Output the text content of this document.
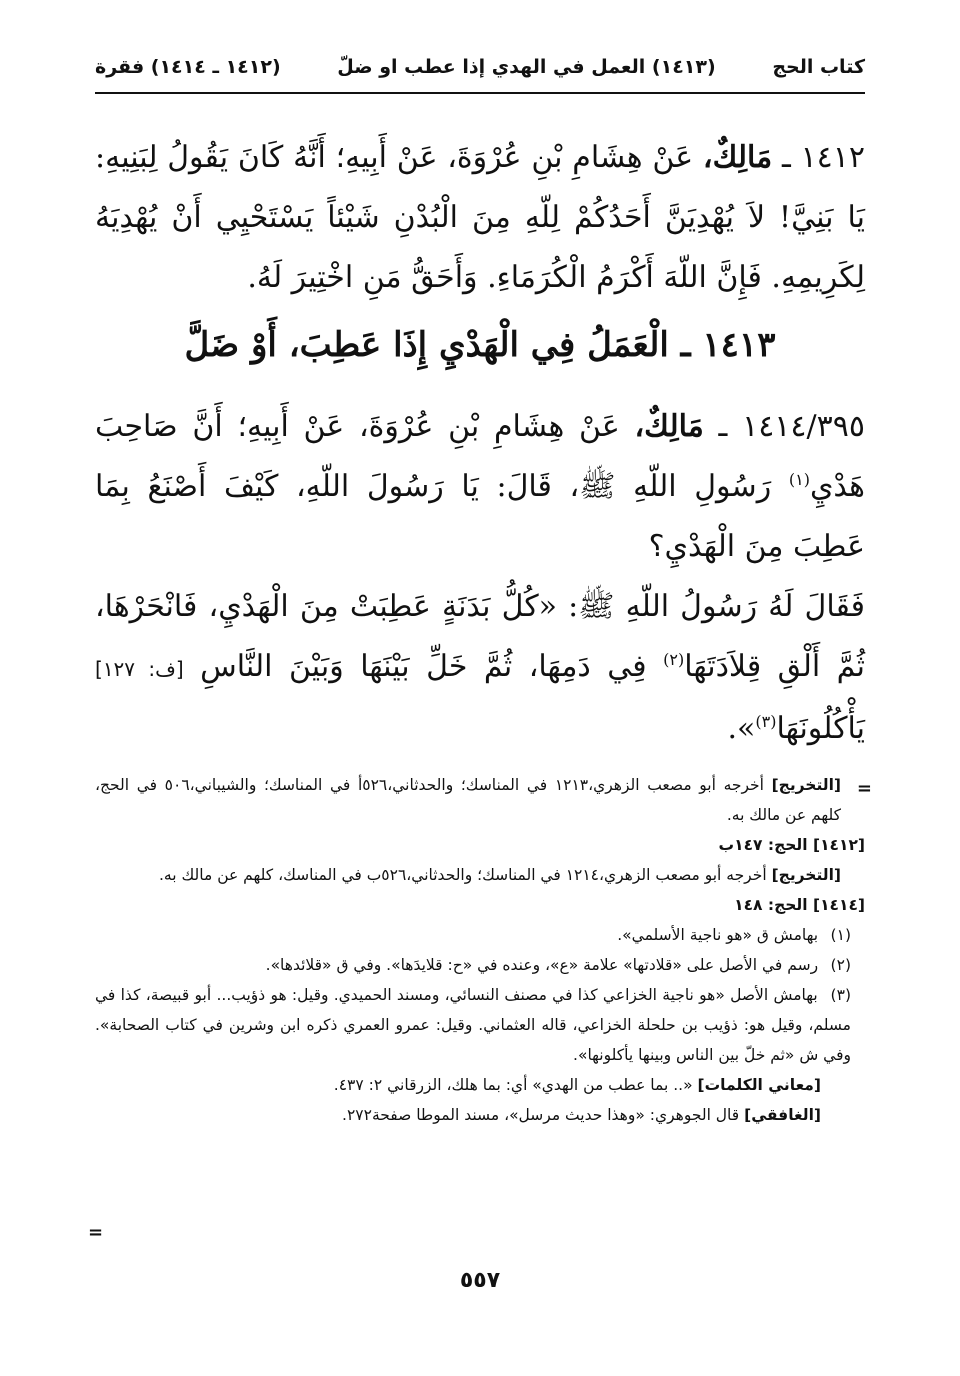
كتاب الحج
(١٤١٣) العمل في الهدي إذا عطب او ضلّ
(١٤١٢ ـ ١٤١٤) فقرة
١٤١٢ ـ مَالِكٌ، عَنْ هِشَامِ بْنِ عُرْوَةَ، عَنْ أَبِيهِ؛ أَنَّهُ كَانَ يَقُولُ لِبَنِيهِ: يَا بَنِيَّ! لاَ يُهْدِيَنَّ أَحَدُكُمْ لِلّهِ مِنَ الْبُدْنِ شَيْئاً يَسْتَحْيِي أَنْ يُهْدِيَهُ لِكَرِيمِهِ. فَإِنَّ اللّهَ أَكْرَمُ الْكُرَمَاءِ. وَأَحَقُّ مَنِ اخْتِيرَ لَهُ.
١٤١٣ ـ الْعَمَلُ فِي الْهَدْيِ إِذَا عَطِبَ، أَوْ ضَلَّ
١٤١٤/٣٩٥ ـ مَالِكٌ، عَنْ هِشَامِ بْنِ عُرْوَةَ، عَنْ أَبِيهِ؛ أَنَّ صَاحِبَ هَدْيِ$^{(١)}$ رَسُولِ اللّهِ ﷺ، قَالَ: يَا رَسُولَ اللّهِ، كَيْفَ أَصْنَعُ بِمَا عَطِبَ مِنَ الْهَدْيِ؟
فَقَالَ لَهُ رَسُولُ اللّهِ ﷺ: «كُلُّ بَدَنَةٍ عَطِبَتْ مِنَ الْهَدْيِ، فَانْحَرْهَا، ثُمَّ أَلْقِ قِلاَدَتَهَا$^{(٢)}$ فِي دَمِهَا، ثُمَّ خَلِّ بَيْنَهَا وَبَيْنَ النَّاسِ [ف: ١٢٧] يَأْكُلُونَهَا$^{(٣)}$».
=

[التخريج] أخرجه أبو مصعب الزهري،١٢١٣ في المناسك؛ والحدثاني،٥٢٦أ في المناسك؛ والشيباني،٥٠٦ في الحج، كلهم عن مالك به.

[١٤١٢] الحج: ١٤٧ب

[التخريج] أخرجه أبو مصعب الزهري،١٢١٤ في المناسك؛ والحدثاني،٥٢٦ب في المناسك، كلهم عن مالك به.

[١٤١٤] الحج: ١٤٨

(١) بهامش ق «هو ناجية الأسلمي».

(٢) رسم في الأصل على «قلادتها» علامة «ع»، وعنده في «ح: قلايدَها». وفي ق «قلائدها».

(٣) بهامش الأصل «هو ناجية الخزاعي كذا في مصنف النسائي، ومسند الحميدي. وقيل: هو ذؤيب... أبو قبيصة، كذا في مسلم، وقيل هو: ذؤيب بن حلحلة الخزاعي، قاله العثماني. وقيل: عمرو العمري ذكره ابن وشرين في كتاب الصحابة». وفي ش «ثم خلّ بين الناس وبينها يأكلونها».

[معاني الكلمات] «.. بما عطب من الهدي» أي: بما هلك، الزرقاني ٢: ٤٣٧.

[الغافقي] قال الجوهري: «وهذا حديث مرسل»، مسند الموطا صفحة٢٧٢.

=
٥٥٧
